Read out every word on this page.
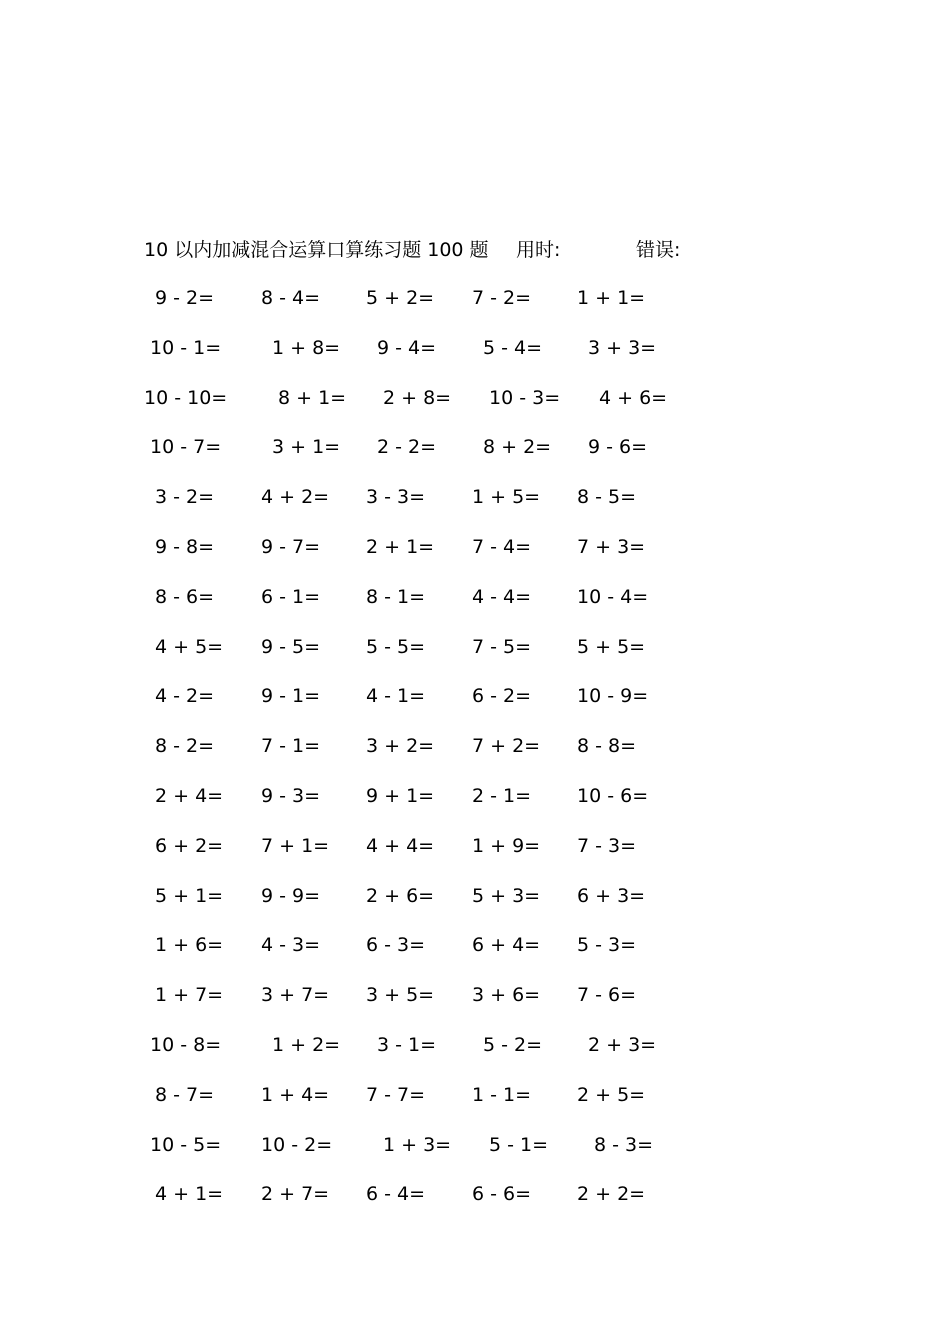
10 以内加减混合运算口算练习题 100 题 用时:	错误:
9 - 2= 8 - 4= 5 + 2= 7 - 2= 1 + 1=
10 - 1=	1 + 8= 9 - 4= 5 - 4= 3 + 3=
10 - 10=	8 + 1= 2 + 8= 10 - 3= 4 + 6=
10 - 7=	3 + 1= 2 - 2= 8 + 2= 9 - 6=
3 - 2= 4 + 2= 3 - 3= 1 + 5= 8 - 5=
9 - 8= 9 - 7= 2 + 1= 7 - 4= 7 + 3=
8 - 6= 6 - 1= 8 - 1= 4 - 4= 10 - 4=
4 + 5= 9 - 5= 5 - 5= 7 - 5= 5 + 5=
4 - 2= 9 - 1= 4 - 1= 6 - 2= 10 - 9=
8 - 2= 7 - 1= 3 + 2= 7 + 2= 8 - 8=
2 + 4= 9 - 3= 9 + 1= 2 - 1= 10 - 6=
6 + 2= 7 + 1= 4 + 4= 1 + 9= 7 - 3=
5 + 1= 9 - 9= 2 + 6= 5 + 3= 6 + 3=
1 + 6= 4 - 3= 6 - 3= 6 + 4= 5 - 3=
1 + 7= 3 + 7= 3 + 5= 3 + 6= 7 - 6=
10 - 8=	1 + 2= 3 - 1= 5 - 2= 2 + 3=
8 - 7= 1 + 4= 7 - 7= 1 - 1= 2 + 5=
10 - 5= 10 - 2=	1 + 3= 5 - 1= 8 - 3=
4 + 1= 2 + 7= 6 - 4= 6 - 6= 2 + 2=
